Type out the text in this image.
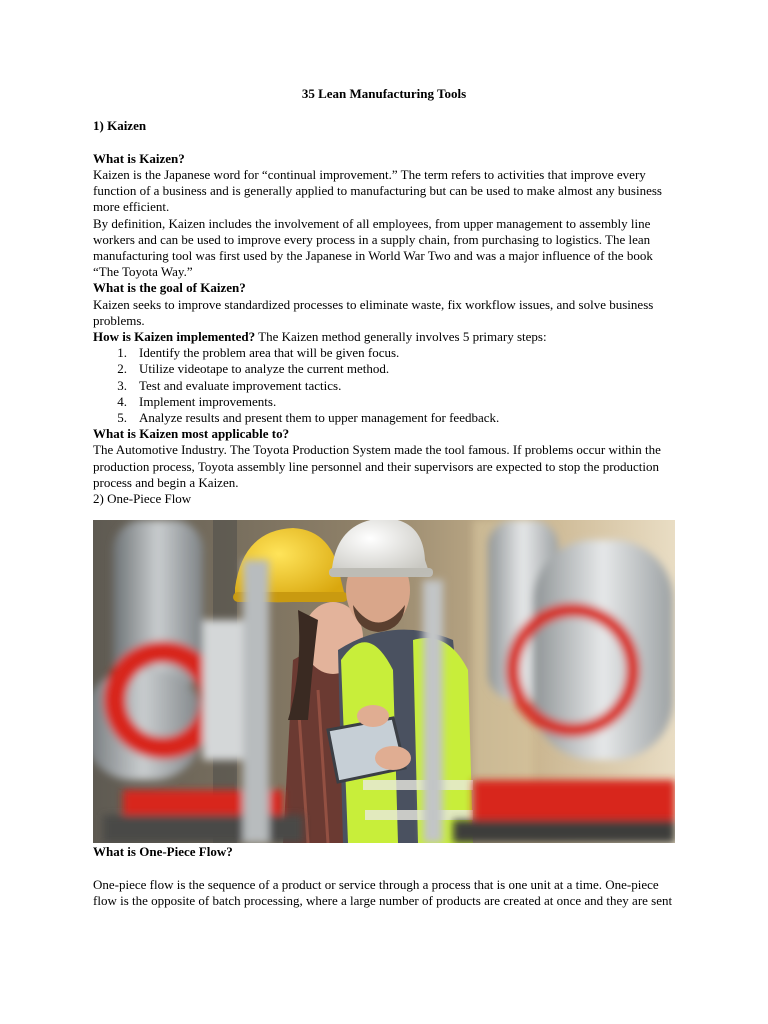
35 Lean Manufacturing Tools

1) Kaizen

What is Kaizen?

Kaizen is the Japanese word for “continual improvement.” The term refers to activities that improve every function of a business and is generally applied to manufacturing but can be used to make almost any business more efficient.

By definition, Kaizen includes the involvement of all employees, from upper management to assembly line workers and can be used to improve every process in a supply chain, from purchasing to logistics. The lean manufacturing tool was first used by the Japanese in World War Two and was a major influence of the book “The Toyota Way.”

What is the goal of Kaizen?

Kaizen seeks to improve standardized processes to eliminate waste, fix workflow issues, and solve business problems.

How is Kaizen implemented? The Kaizen method generally involves 5 primary steps:

1. Identify the problem area that will be given focus.
2. Utilize videotape to analyze the current method.
3. Test and evaluate improvement tactics.
4. Implement improvements.
5. Analyze results and present them to upper management for feedback.

What is Kaizen most applicable to?

The Automotive Industry. The Toyota Production System made the tool famous. If problems occur within the production process, Toyota assembly line personnel and their supervisors are expected to stop the production process and begin a Kaizen.

2) One-Piece Flow

What is One-Piece Flow?

One-piece flow is the sequence of a product or service through a process that is one unit at a time. One-piece flow is the opposite of batch processing, where a large number of products are created at once and they are sent
